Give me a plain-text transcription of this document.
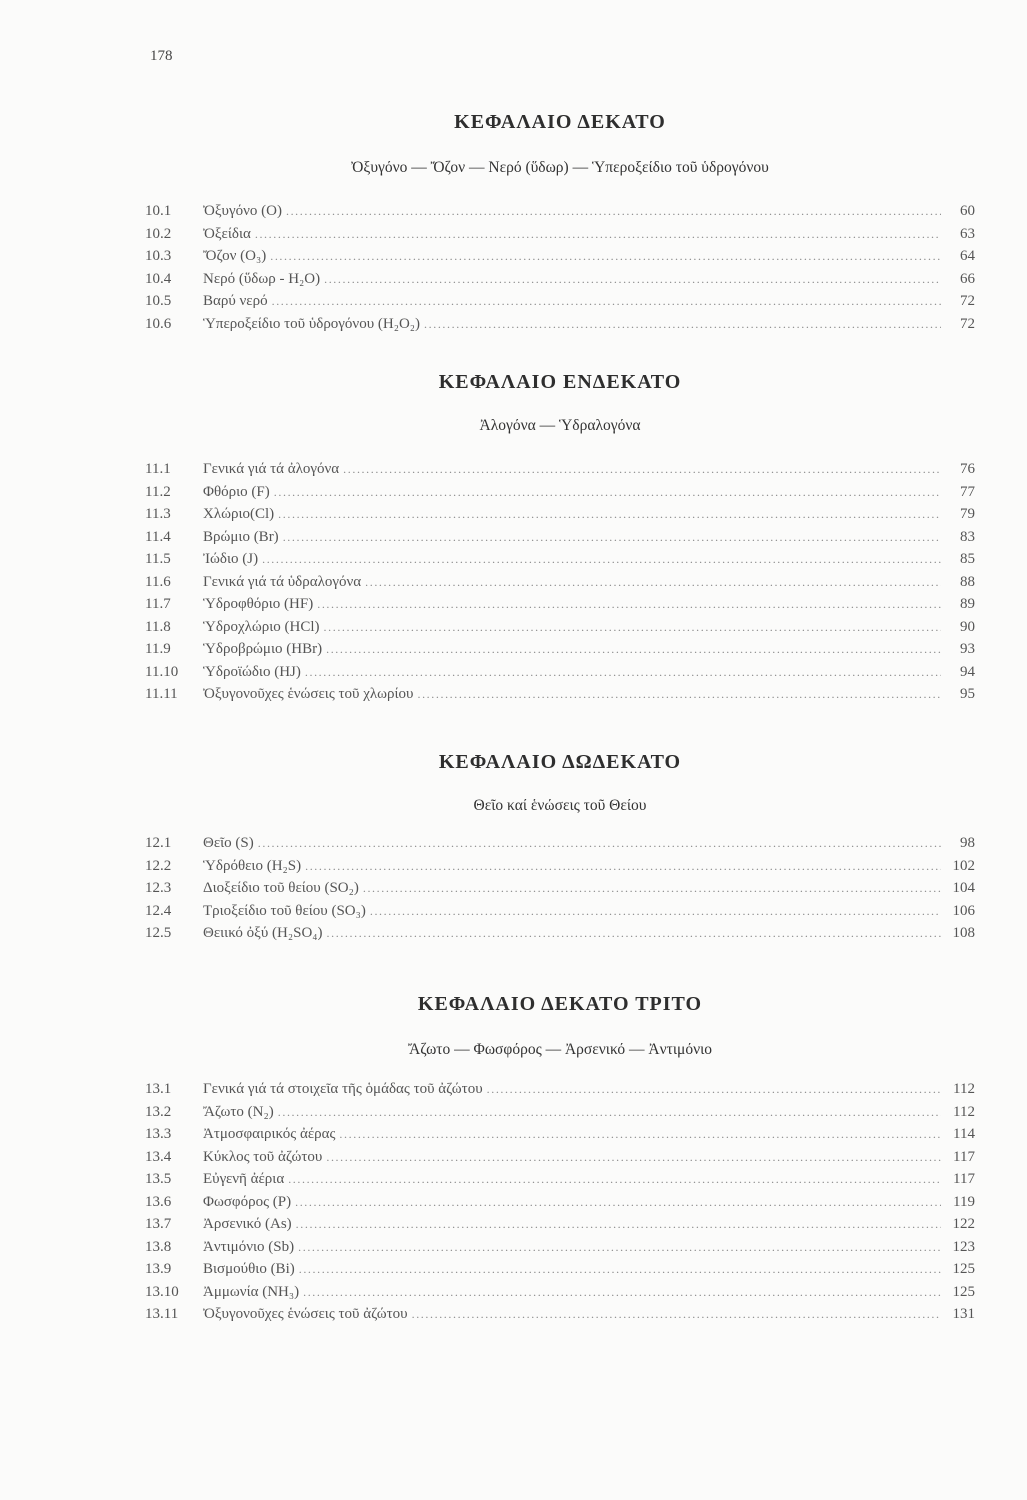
178
ΚΕΦΑΛΑΙΟ ΔΕΚΑΤΟ
Ὀξυγόνο — Ὄζον — Νερό (ὕδωρ) — Ὑπεροξείδιο τοῦ ὑδρογόνου
10.1	Ὀξυγόνο (Ο) .....	60
10.2	Ὀξείδια .....	63
10.3	Ὄζον (Ο₃) .....	64
10.4	Νερό (ὕδωρ - Η₂Ο) .....	66
10.5	Βαρύ νερό .....	72
10.6	Ὑπεροξείδιο τοῦ ὑδρογόνου (Η₂Ο₂) .....	72
ΚΕΦΑΛΑΙΟ ΕΝΔΕΚΑΤΟ
Ἀλογόνα — Ὑδραλογόνα
11.1	Γενικά γιά τά ἀλογόνα .....	76
11.2	Φθόριο (F) .....	77
11.3	Χλώριο(Cl) .....	79
11.4	Βρώμιο (Br) .....	83
11.5	Ἰώδιο (J) .....	85
11.6	Γενικά γιά τά ὑδραλογόνα .....	88
11.7	Ὑδροφθόριο (HF) .....	89
11.8	Ὑδροχλώριο (HCl) .....	90
11.9	Ὑδροβρώμιο (HBr) .....	93
11.10	Ὑδροϊώδιο (HJ) .....	94
11.11	Ὀξυγονοῦχες ἑνώσεις τοῦ χλωρίου .....	95
ΚΕΦΑΛΑΙΟ ΔΩΔΕΚΑΤΟ
Θεῖο καί ἑνώσεις τοῦ Θείου
12.1	Θεῖο (S) .....	98
12.2	Ὑδρόθειο (H₂S) .....	102
12.3	Διοξείδιο τοῦ θείου (SO₂) .....	104
12.4	Τριοξείδιο τοῦ θείου (SO₃) .....	106
12.5	Θειικό ὀξύ (H₂SO₄) .....	108
ΚΕΦΑΛΑΙΟ ΔΕΚΑΤΟ ΤΡΙΤΟ
Ἄζωτο — Φωσφόρος — Ἀρσενικό — Ἀντιμόνιο
13.1	Γενικά γιά τά στοιχεῖα τῆς ὁμάδας τοῦ ἀζώτου .....	112
13.2	Ἄζωτο (N₂) .....	112
13.3	Ἀτμοσφαιρικός ἀέρας .....	114
13.4	Κύκλος τοῦ ἀζώτου .....	117
13.5	Εὐγενῆ ἀέρια .....	117
13.6	Φωσφόρος (P) .....	119
13.7	Ἀρσενικό (As) .....	122
13.8	Ἀντιμόνιο (Sb) .....	123
13.9	Βισμούθιο (Bi) .....	125
13.10	Ἀμμωνία (NH₃) .....	125
13.11	Ὀξυγονοῦχες ἑνώσεις τοῦ ἀζώτου .....	131
